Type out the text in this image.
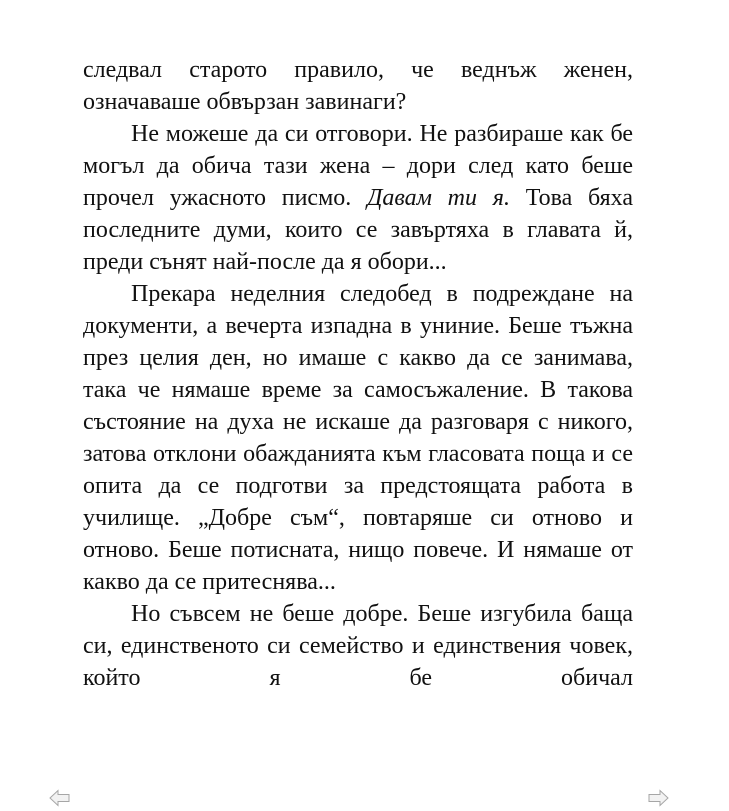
следвал старото правило, че веднъж женен, означаваше обвързан завинаги?

Не можеше да си отговори. Не разбираше как бе могъл да обича тази жена – дори след като беше прочел ужасното писмо. Давам ти я. Това бяха последните думи, които се завъртяха в главата й, преди сънят най-после да я обори...

Прекара неделния следобед в подреждане на документи, а вечерта изпадна в униние. Беше тъжна през целия ден, но имаше с какво да се занимава, така че нямаше време за самосъжаление. В такова състояние на духа не искаше да разговаря с никого, затова отклони обажданията към гласовата поща и се опита да се подготви за предстоящата работа в училище. „Добре съм“, повтаряше си отново и отново. Беше потисната, нищо повече. И нямаше от какво да се притеснява...

Но съвсем не беше добре. Беше изгубила баща си, единственото си семейство и единствения човек, който я бе обичал
